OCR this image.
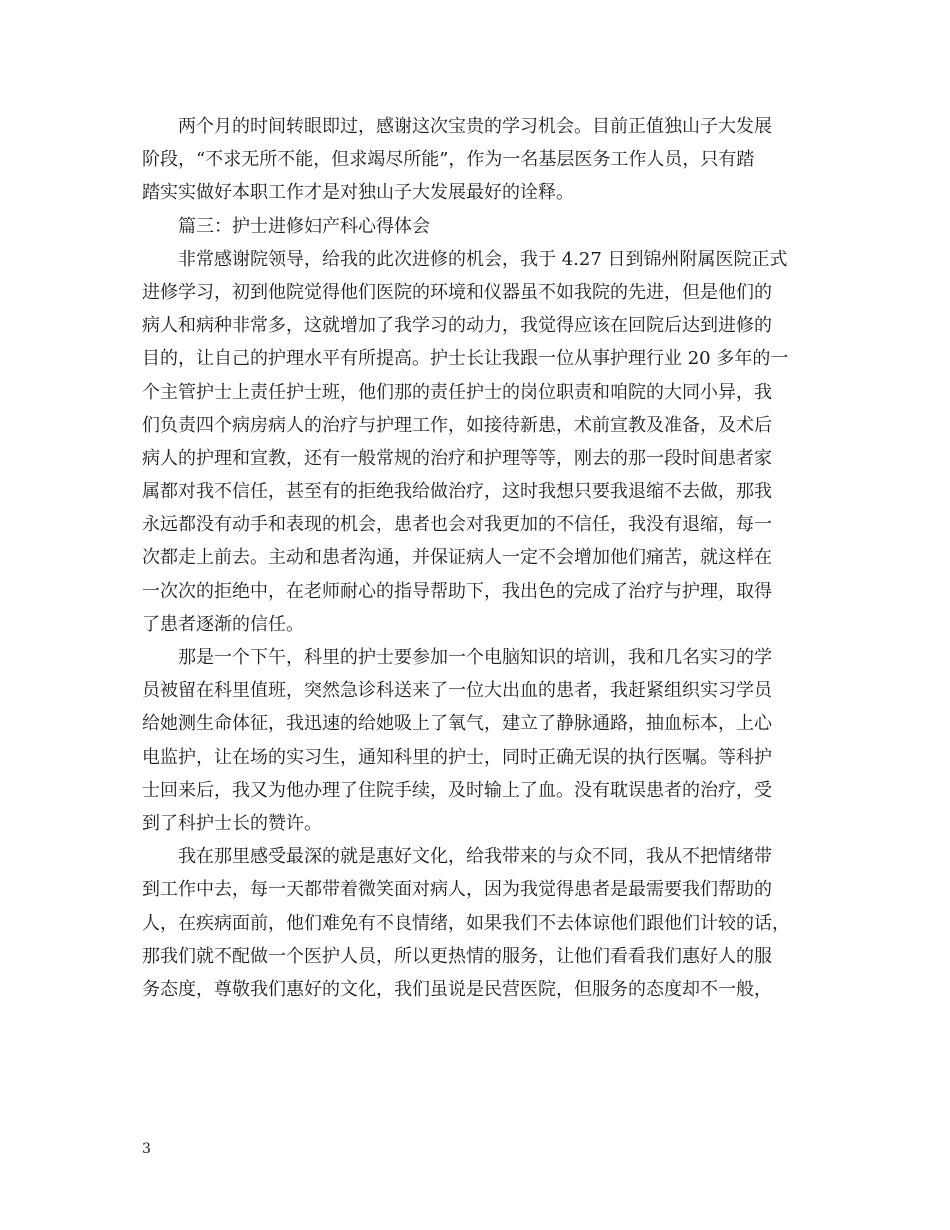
两个月的时间转眼即过，感谢这次宝贵的学习机会。目前正值独山子大发展
阶段，“不求无所不能，但求竭尽所能”，作为一名基层医务工作人员，只有踏
踏实实做好本职工作才是对独山子大发展最好的诠释。
篇三：护士进修妇产科心得体会
非常感谢院领导，给我的此次进修的机会，我于 4.27 日到锦州附属医院正式
进修学习，初到他院觉得他们医院的环境和仪器虽不如我院的先进，但是他们的
病人和病种非常多，这就增加了我学习的动力，我觉得应该在回院后达到进修的
目的，让自己的护理水平有所提高。护士长让我跟一位从事护理行业 20 多年的一
个主管护士上责任护士班，他们那的责任护士的岗位职责和咱院的大同小异，我
们负责四个病房病人的治疗与护理工作，如接待新患，术前宣教及准备，及术后
病人的护理和宣教，还有一般常规的治疗和护理等等，刚去的那一段时间患者家
属都对我不信任，甚至有的拒绝我给做治疗，这时我想只要我退缩不去做，那我
永远都没有动手和表现的机会，患者也会对我更加的不信任，我没有退缩，每一
次都走上前去。主动和患者沟通，并保证病人一定不会增加他们痛苦，就这样在
一次次的拒绝中，在老师耐心的指导帮助下，我出色的完成了治疗与护理，取得
了患者逐渐的信任。
那是一个下午，科里的护士要参加一个电脑知识的培训，我和几名实习的学
员被留在科里值班，突然急诊科送来了一位大出血的患者，我赶紧组织实习学员
给她测生命体征，我迅速的给她吸上了氧气，建立了静脉通路，抽血标本，上心
电监护，让在场的实习生，通知科里的护士，同时正确无误的执行医嘱。等科护
士回来后，我又为他办理了住院手续，及时输上了血。没有耽误患者的治疗，受
到了科护士长的赞许。
我在那里感受最深的就是惠好文化，给我带来的与众不同，我从不把情绪带
到工作中去，每一天都带着微笑面对病人，因为我觉得患者是最需要我们帮助的
人，在疾病面前，他们难免有不良情绪，如果我们不去体谅他们跟他们计较的话，
那我们就不配做一个医护人员，所以更热情的服务，让他们看看我们惠好人的服
务态度，尊敬我们惠好的文化，我们虽说是民营医院，但服务的态度却不一般，
3
